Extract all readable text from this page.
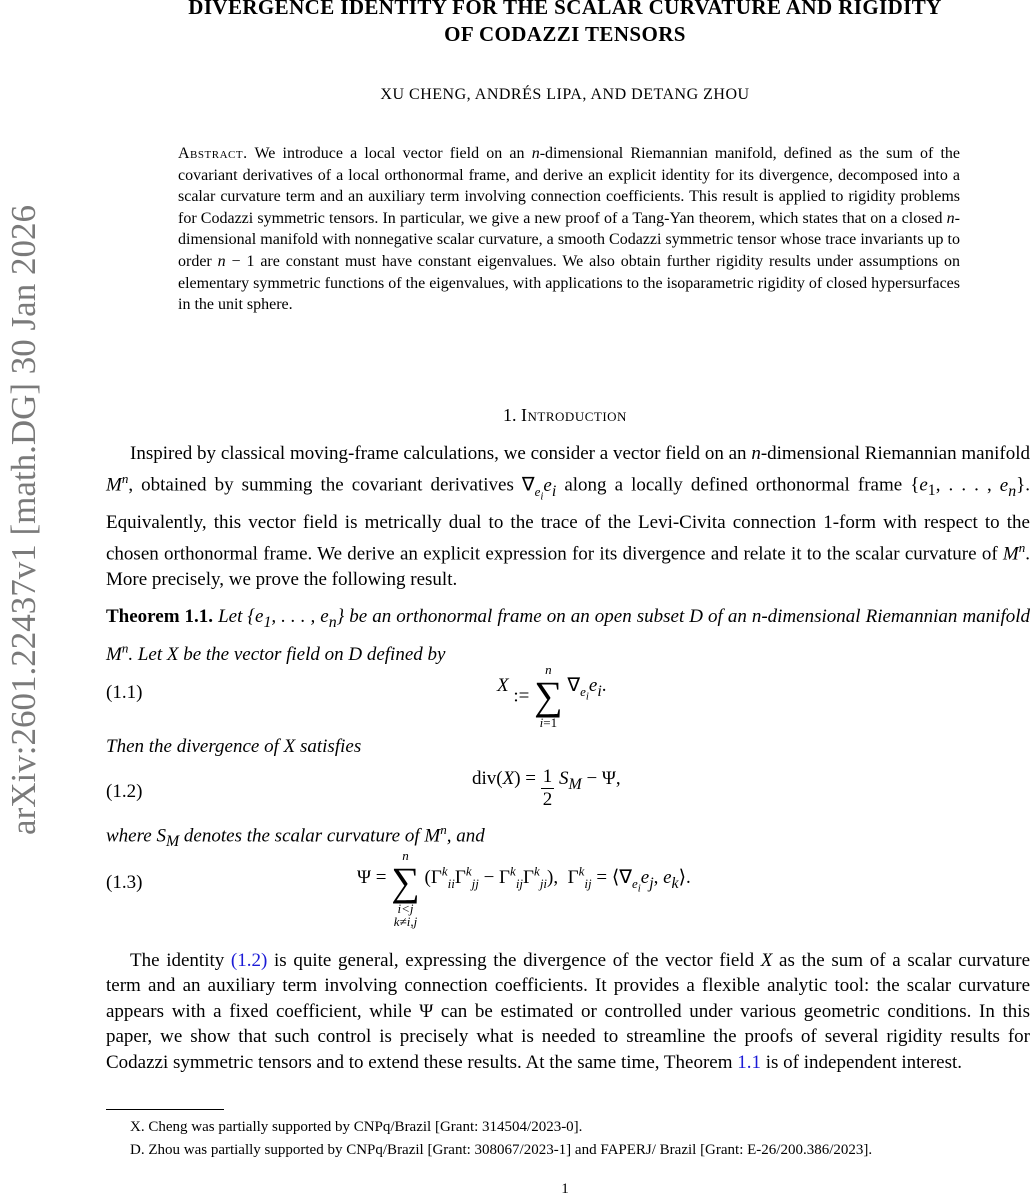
arXiv:2601.22437v1 [math.DG] 30 Jan 2026
DIVERGENCE IDENTITY FOR THE SCALAR CURVATURE AND RIGIDITY
OF CODAZZI TENSORS
XU CHENG, ANDRÉS LIPA, AND DETANG ZHOU
Abstract. We introduce a local vector field on an n-dimensional Riemannian manifold, defined as the sum of the covariant derivatives of a local orthonormal frame, and derive an explicit identity for its divergence, decomposed into a scalar curvature term and an auxiliary term involving connection coefficients. This result is applied to rigidity problems for Codazzi symmetric tensors. In particular, we give a new proof of a Tang-Yan theorem, which states that on a closed n-dimensional manifold with nonnegative scalar curvature, a smooth Codazzi symmetric tensor whose trace invariants up to order n − 1 are constant must have constant eigenvalues. We also obtain further rigidity results under assumptions on elementary symmetric functions of the eigenvalues, with applications to the isoparametric rigidity of closed hypersurfaces in the unit sphere.
1. Introduction
Inspired by classical moving-frame calculations, we consider a vector field on an n-dimensional Riemannian manifold $M^n$, obtained by summing the covariant derivatives $\nabla_{e_i}e_i$ along a locally defined orthonormal frame {$e_1$, . . . , $e_n$}. Equivalently, this vector field is metrically dual to the trace of the Levi-Civita connection 1-form with respect to the chosen orthonormal frame. We derive an explicit expression for its divergence and relate it to the scalar curvature of $M^n$. More precisely, we prove the following result.
Theorem 1.1. Let {$e_1$, . . . , $e_n$} be an orthonormal frame on an open subset D of an n-dimensional Riemannian manifold $M^n$. Let X be the vector field on D defined by
(1.1)	X :=
n
∑
i=1
$\nabla_{e_i}e_i$.
Then the divergence of X satisfies
(1.2)
$div(X) = \frac{1}{2} S_M - \Psi$,
where $S_M$ denotes the scalar curvature of $M^n$, and
(1.3)	Ψ =
n
∑
i<j
k≠i,j
$(\Gamma^k_{ii}\Gamma^k_{jj} - \Gamma^k_{ij}\Gamma^k_{ji})$,  $\Gamma^k_{ij}$ = $⟨\nabla_{e_i}e_j$, $e_k⟩$.
The identity (1.2) is quite general, expressing the divergence of the vector field X as the sum of a scalar curvature term and an auxiliary term involving connection coefficients. It provides a flexible analytic tool: the scalar curvature appears with a fixed coefficient, while Ψ can be estimated or controlled under various geometric conditions. In this paper, we show that such control is precisely what is needed to streamline the proofs of several rigidity results for Codazzi symmetric tensors and to extend these results. At the same time, Theorem 1.1 is of independent interest.
X. Cheng was partially supported by CNPq/Brazil [Grant: 314504/2023-0].
D. Zhou was partially supported by CNPq/Brazil [Grant: 308067/2023-1] and FAPERJ/ Brazil [Grant: E-26/200.386/2023].
1
